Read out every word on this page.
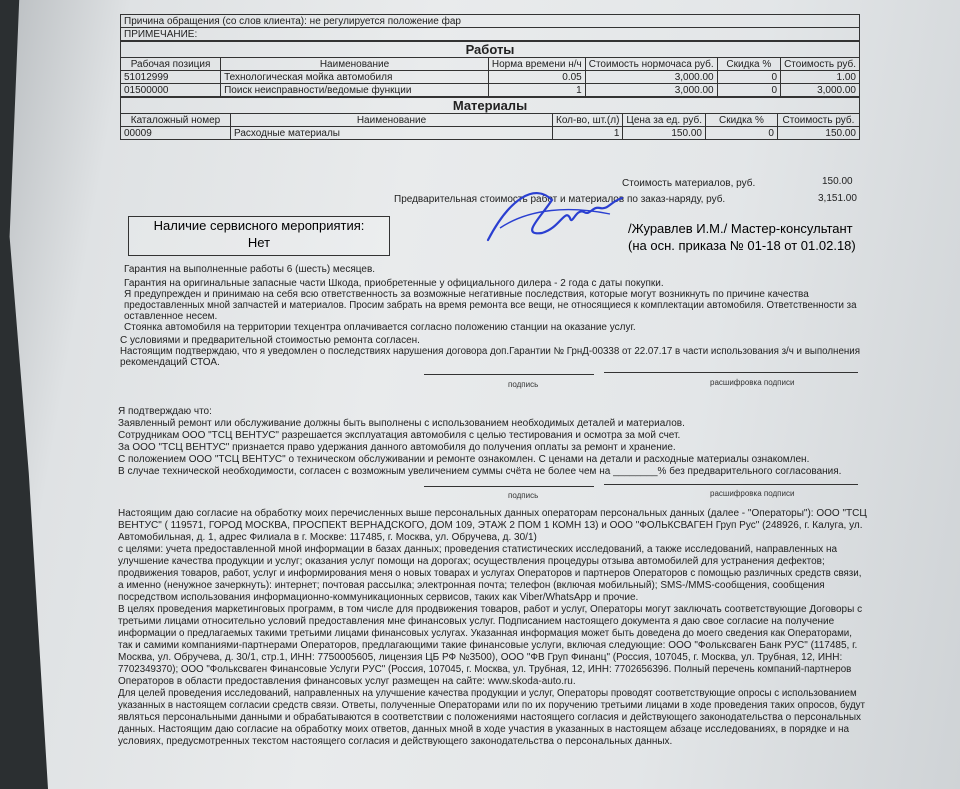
Причина обращения (со слов клиента): не регулируется положение фар
ПРИМЕЧАНИЕ:
Работы					
Рабочая позиция	Наименование	Норма времени н/ч	Стоимость нормочаса руб.	Скидка %	Стоимость руб.
51012999	Технологическая мойка автомобиля	0.05	3,000.00	0	1.00
01500000	Поиск неисправности/ведомые функции	1	3,000.00	0	3,000.00
Материалы					
Каталожный номер	Наименование	Кол-во, шт.(л)	Цена за ед. руб.	Скидка %	Стоимость руб.
00009	Расходные материалы	1	150.00	0	150.00
Стоимость материалов, руб.	150.00
Предварительная стоимость работ и материалов по заказ-наряду, руб.	3,151.00
Наличие сервисного мероприятия:
Нет
/Журавлев И.М./ Мастер-консультант
(на осн. приказа № 01-18 от 01.02.18)
Гарантия на выполненные работы 6 (шесть) месяцев.
Гарантия на оригинальные запасные части Шкода, приобретенные у официального дилера - 2 года с даты покупки.
Я предупрежден и принимаю на себя всю ответственность за возможные негативные последствия, которые могут возникнуть по причине качества
предоставленных мной запчастей и материалов. Просим забрать на время ремонта все вещи, не относящиеся к комплектации автомобиля. Ответственности за
оставленное несем.
Стоянка автомобиля на территории техцентра оплачивается согласно положению станции на оказание услуг.
С условиями и предварительной стоимостью ремонта согласен.
Настоящим подтверждаю, что я уведомлен о последствиях нарушения договора доп.Гарантии № ГрнД-00338 от 22.07.17 в части использования з/ч и выполнения
рекомендаций СТОА.
подпись	расшифровка подписи
Я подтверждаю что:
Заявленный ремонт или обслуживание должны быть выполнены с использованием необходимых деталей и материалов.
Сотрудникам ООО "ТСЦ ВЕНТУС" разрешается эксплуатация автомобиля с целью тестирования и осмотра за мой счет.
За ООО "ТСЦ ВЕНТУС" признается право удержания данного автомобиля до получения оплаты за ремонт и хранение.
С положением ООО "ТСЦ ВЕНТУС" о техническом обслуживании и ремонте ознакомлен. С ценами на детали и расходные материалы ознакомлен.
В случае технической необходимости, согласен с возможным увеличением суммы счёта не более чем на ________% без предварительного согласования.
подпись	расшифровка подписи
Настоящим даю согласие на обработку моих перечисленных выше персональных данных операторам персональных данных (далее - "Операторы"): ООО "ТСЦ
ВЕНТУС" ( 119571, ГОРОД МОСКВА, ПРОСПЕКТ ВЕРНАДСКОГО, ДОМ 109, ЭТАЖ 2 ПОМ 1 КОМН 13) и ООО "ФОЛЬКСВАГЕН Груп Рус" (248926, г. Калуга, ул.
Автомобильная, д. 1, адрес Филиала в г. Москве: 117485, г. Москва, ул. Обручева, д. 30/1)
с целями: учета предоставленной мной информации в базах данных; проведения статистических исследований, а также исследований, направленных на
улучшение качества продукции и услуг; оказания услуг помощи на дорогах; осуществления процедуры отзыва автомобилей для устранения дефектов;
продвижения товаров, работ, услуг и информирования меня о новых товарах и услугах Операторов и партнеров Операторов с помощью различных средств связи,
а именно (ненужное зачеркнуть): интернет; почтовая рассылка; электронная почта; телефон (включая мобильный); SMS-/MMS-сообщения, сообщения
посредством использования информационно-коммуникационных сервисов, таких как Viber/WhatsApp и прочие.
В целях проведения маркетинговых программ, в том числе для продвижения товаров, работ и услуг, Операторы могут заключать соответствующие Договоры с
третьими лицами относительно условий предоставления мне финансовых услуг. Подписанием настоящего документа я даю свое согласие на получение
информации о предлагаемых такими третьими лицами финансовых услугах. Указанная информация может быть доведена до моего сведения как Операторами,
так и самими компаниями-партнерами Операторов, предлагающими такие финансовые услуги, включая следующие: ООО "Фольксваген Банк РУС" (117485, г.
Москва, ул. Обручева, д. 30/1, стр.1, ИНН: 7750005605, лицензия ЦБ РФ №3500), ООО "ФВ Груп Финанц" (Россия, 107045, г. Москва, ул. Трубная, 12, ИНН:
7702349370); ООО "Фольксваген Финансовые Услуги РУС" (Россия, 107045, г. Москва, ул. Трубная, 12, ИНН: 7702656396. Полный перечень компаний-партнеров
Операторов в области предоставления финансовых услуг размещен на сайте: www.skoda-auto.ru.
Для целей проведения исследований, направленных на улучшение качества продукции и услуг, Операторы проводят соответствующие опросы с использованием
указанных в настоящем согласии средств связи. Ответы, полученные Операторами или по их поручению третьими лицами в ходе проведения таких опросов, будут
являться персональными данными и обрабатываются в соответствии с положениями настоящего согласия и действующего законодательства о персональных
данных. Настоящим даю согласие на обработку моих ответов, данных мной в ходе участия в указанных в настоящем абзаце исследованиях, в порядке и на
условиях, предусмотренных текстом настоящего согласия и действующего законодательства о персональных данных.
